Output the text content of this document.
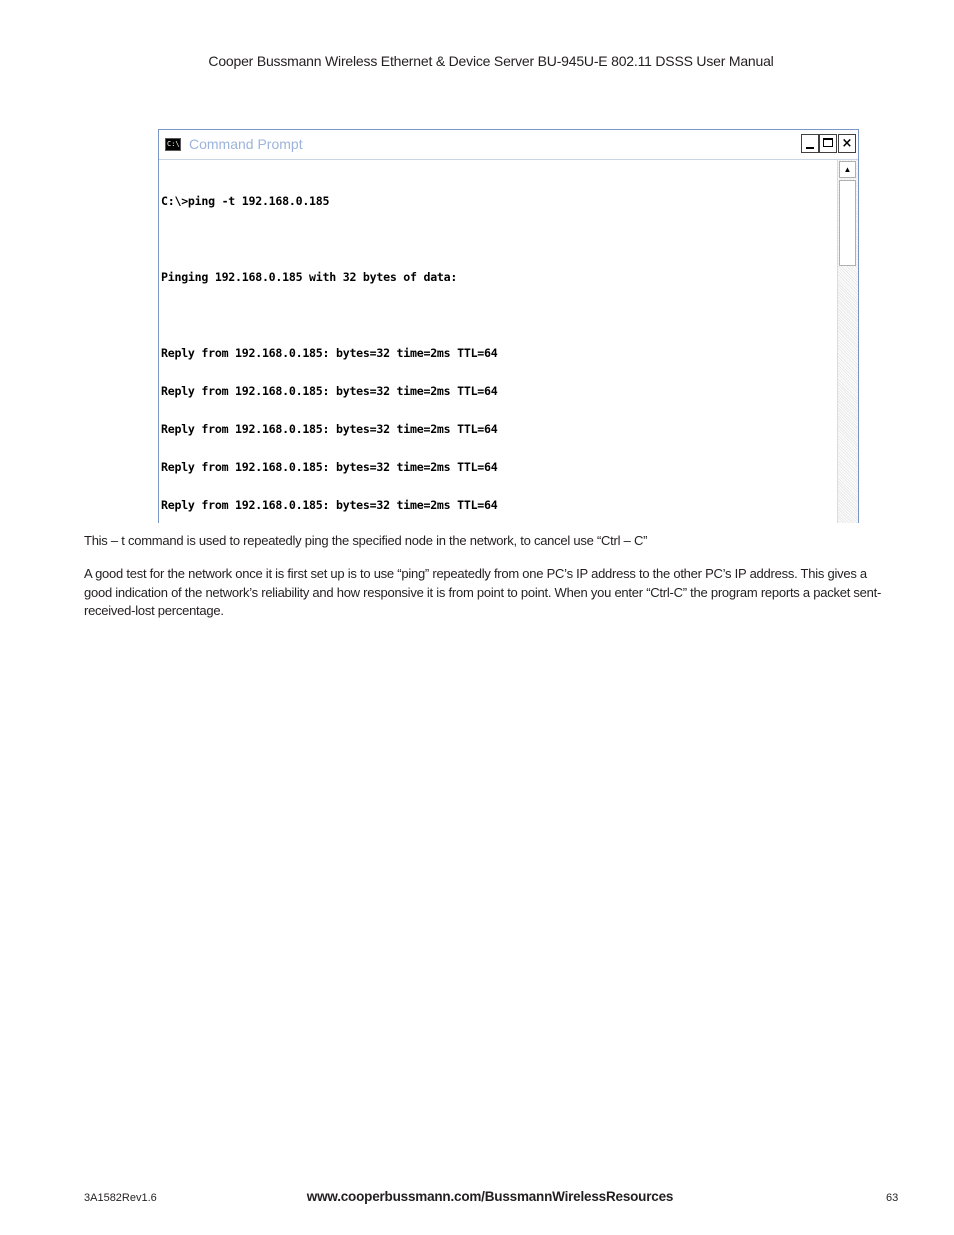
Cooper Bussmann Wireless Ethernet & Device Server BU-945U-E 802.11 DSSS User Manual
C:\ Command Prompt	×

C:\>ping -t 192.168.0.185

Pinging 192.168.0.185 with 32 bytes of data:

Reply from 192.168.0.185: bytes=32 time=2ms TTL=64

Reply from 192.168.0.185: bytes=32 time=2ms TTL=64

Reply from 192.168.0.185: bytes=32 time=2ms TTL=64

Reply from 192.168.0.185: bytes=32 time=2ms TTL=64

Reply from 192.168.0.185: bytes=32 time=2ms TTL=64

▲
This – t command is used to repeatedly ping the specified node in the network, to cancel use “Ctrl – C”
A good test for the network once it is first set up is to use “ping” repeatedly from one PC’s IP address to the other PC’s IP address. This gives a good indication of the network’s reliability and how responsive it is from point to point. When you enter “Ctrl-C” the program reports a packet sent-received-lost percentage.
3A1582Rev1.6	www.cooperbussmann.com/BussmannWirelessResources	63
